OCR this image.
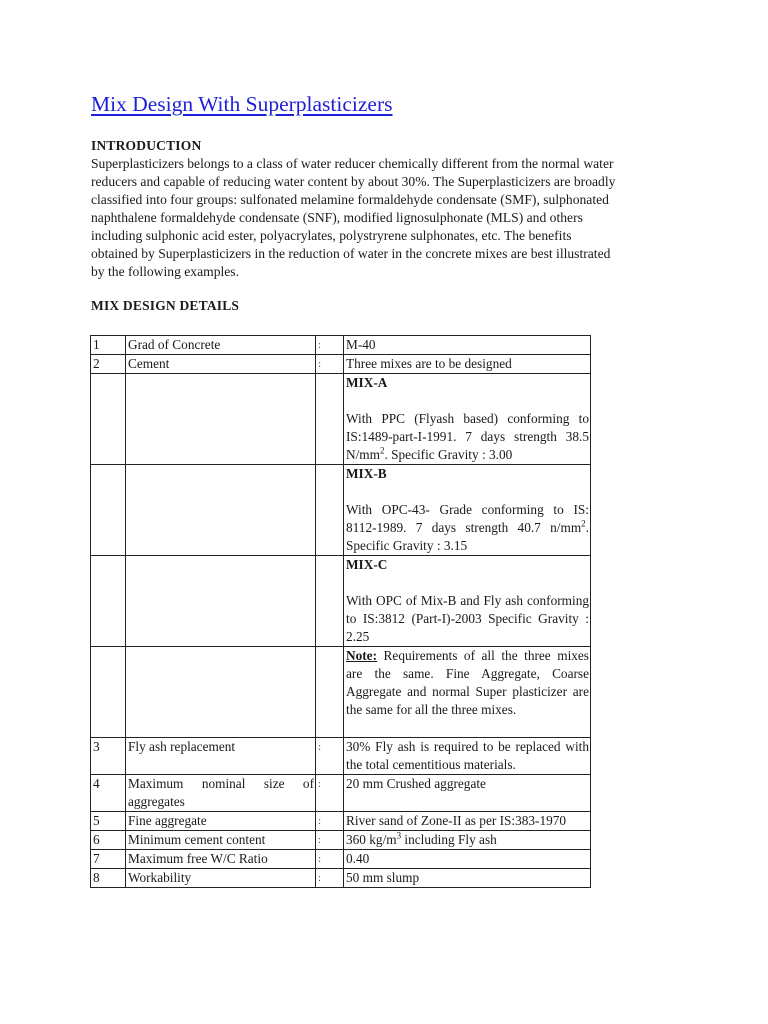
Mix Design With Superplasticizers
INTRODUCTION

Superplasticizers belongs to a class of water reducer chemically different from the normal water
reducers and capable of reducing water content by about 30%. The Superplasticizers are broadly
classified into four groups: sulfonated melamine formaldehyde condensate (SMF), sulphonated
naphthalene formaldehyde condensate (SNF), modified lignosulphonate (MLS) and others
including sulphonic acid ester, polyacrylates, polystryrene sulphonates, etc. The benefits
obtained by Superplasticizers in the reduction of water in the concrete mixes are best illustrated
by the following examples.

MIX DESIGN DETAILS
1	Grad of Concrete	:	M-40
2	Cement	:	Three mixes are to be designed

			MIX-A
With PPC (Flyash based) conforming to IS:1489-part-I-1991. 7 days strength 38.5 $N/mm^2$. Specific Gravity : 3.00

			MIX-B
With OPC-43- Grade conforming to IS: 8112-1989. 7 days strength 40.7 $n/mm^2$. Specific Gravity : 3.15

			MIX-C
With OPC of Mix-B and Fly ash conforming to IS:3812 (Part-I)-2003 Specific Gravity : 2.25
			Note: Requirements of all the three mixes are the same. Fine Aggregate, Coarse Aggregate and normal Super plasticizer are the same for all the three mixes.
3	Fly ash replacement	:	30% Fly ash is required to be replaced with the total cementitious materials.
4	Maximum nominal size of aggregates	:	20 mm Crushed aggregate
5	Fine aggregate	:	River sand of Zone-II as per IS:383-1970
6	Minimum cement content	:	360 $kg/m^3$ including Fly ash
7	Maximum free W/C Ratio	:	0.40
8	Workability	:	50 mm slump
